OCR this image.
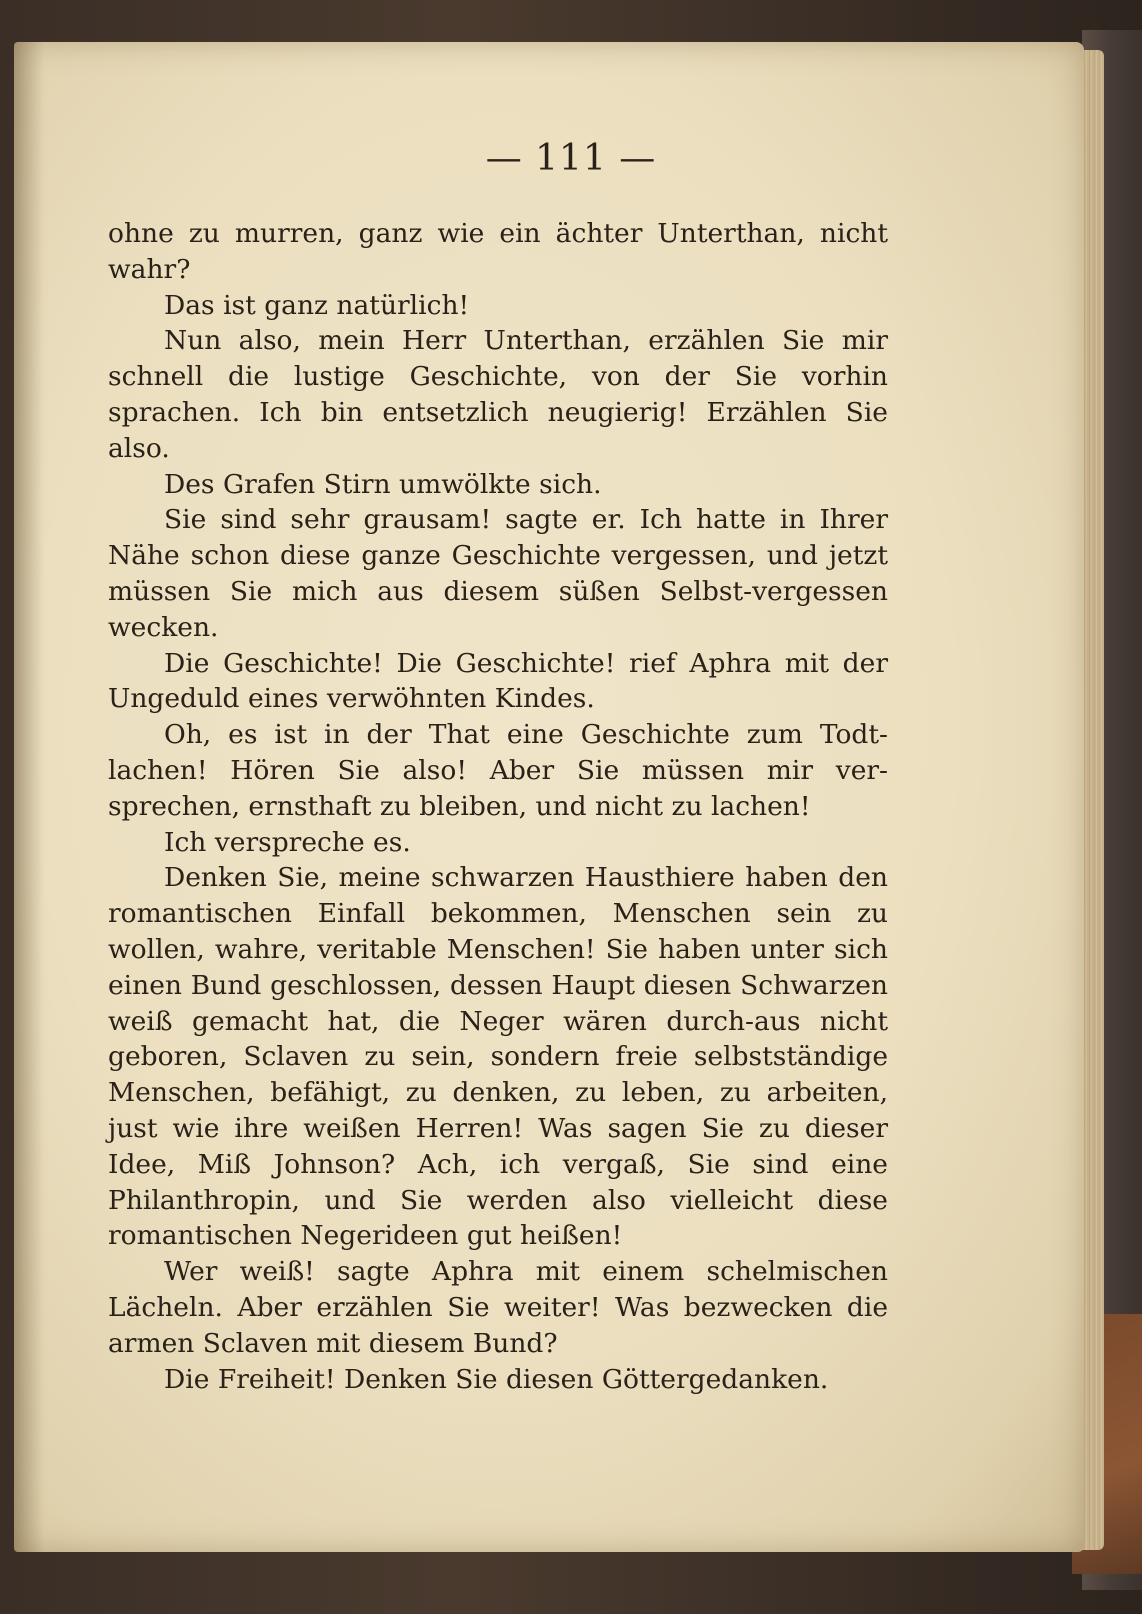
— 111 —

ohne zu murren, ganz wie ein ächter Unterthan, nicht wahr?

Das ist ganz natürlich!

Nun also, mein Herr Unterthan, erzählen Sie mir schnell die lustige Geschichte, von der Sie vorhin sprachen. Ich bin entsetzlich neugierig! Erzählen Sie also.

Des Grafen Stirn umwölkte sich.

Sie sind sehr grausam! sagte er. Ich hatte in Ihrer Nähe schon diese ganze Geschichte vergessen, und jetzt müssen Sie mich aus diesem süßen Selbst-vergessen wecken.

Die Geschichte! Die Geschichte! rief Aphra mit der Ungeduld eines verwöhnten Kindes.

Oh, es ist in der That eine Geschichte zum Todt-lachen! Hören Sie also! Aber Sie müssen mir ver-sprechen, ernsthaft zu bleiben, und nicht zu lachen!

Ich verspreche es.

Denken Sie, meine schwarzen Hausthiere haben den romantischen Einfall bekommen, Menschen sein zu wollen, wahre, veritable Menschen! Sie haben unter sich einen Bund geschlossen, dessen Haupt diesen Schwarzen weiß gemacht hat, die Neger wären durch-aus nicht geboren, Sclaven zu sein, sondern freie selbstständige Menschen, befähigt, zu denken, zu leben, zu arbeiten, just wie ihre weißen Herren! Was sagen Sie zu dieser Idee, Miß Johnson? Ach, ich vergaß, Sie sind eine Philanthropin, und Sie werden also vielleicht diese romantischen Negerideen gut heißen!

Wer weiß! sagte Aphra mit einem schelmischen Lächeln. Aber erzählen Sie weiter! Was bezwecken die armen Sclaven mit diesem Bund?

Die Freiheit! Denken Sie diesen Göttergedanken.
